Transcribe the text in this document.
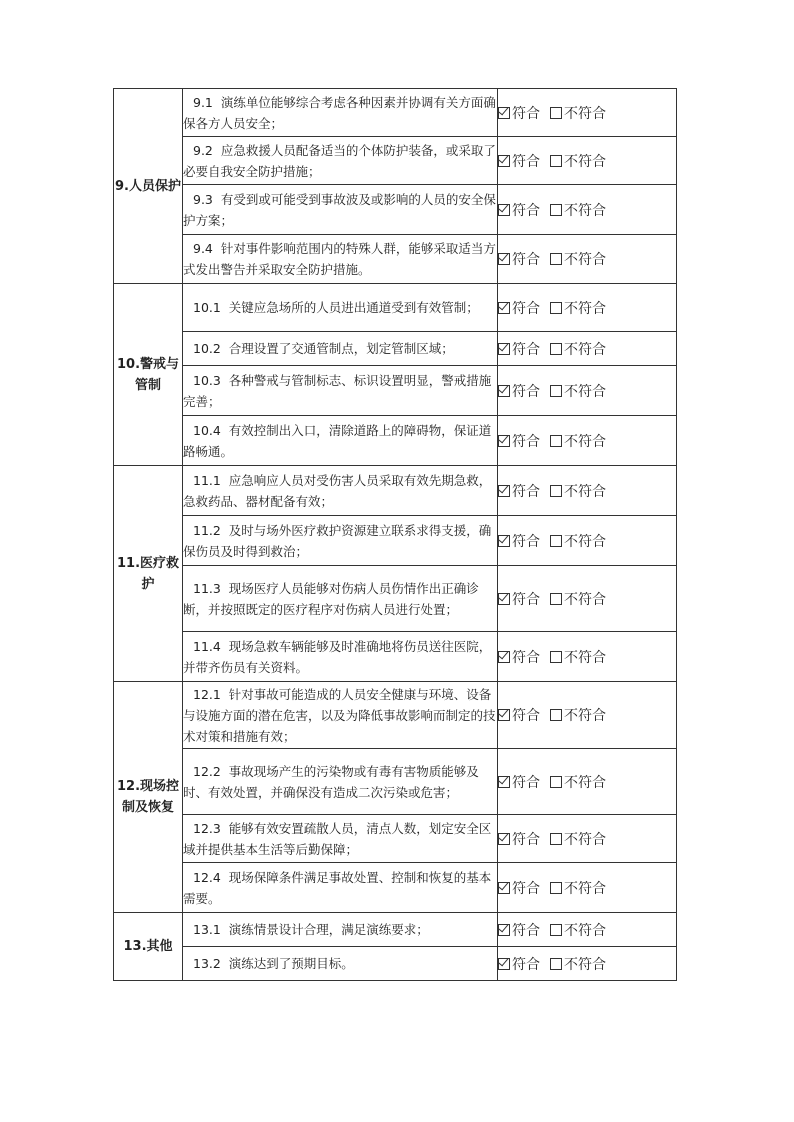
9.人员保护	9.1 演练单位能够综合考虑各种因素并协调有关方面确保各方人员安全；	符合 不符合
	9.2 应急救援人员配备适当的个体防护装备，或采取了必要自我安全防护措施；	符合 不符合
	9.3 有受到或可能受到事故波及或影响的人员的安全保护方案；	符合 不符合
	9.4 针对事件影响范围内的特殊人群，能够采取适当方式发出警告并采取安全防护措施。	符合 不符合
10.警戒与管制	10.1 关键应急场所的人员进出通道受到有效管制；	符合 不符合
	10.2 合理设置了交通管制点，划定管制区域；	符合 不符合
	10.3 各种警戒与管制标志、标识设置明显，警戒措施完善；	符合 不符合
	10.4 有效控制出入口，清除道路上的障碍物，保证道路畅通。	符合 不符合
11.医疗救护	11.1 应急响应人员对受伤害人员采取有效先期急救，急救药品、器材配备有效；	符合 不符合
	11.2 及时与场外医疗救护资源建立联系求得支援，确保伤员及时得到救治；	符合 不符合
	11.3 现场医疗人员能够对伤病人员伤情作出正确诊断，并按照既定的医疗程序对伤病人员进行处置；	符合 不符合
	11.4 现场急救车辆能够及时准确地将伤员送往医院，并带齐伤员有关资料。	符合 不符合
12.现场控制及恢复	12.1 针对事故可能造成的人员安全健康与环境、设备与设施方面的潜在危害，以及为降低事故影响而制定的技术对策和措施有效；	符合 不符合
	12.2 事故现场产生的污染物或有毒有害物质能够及时、有效处置，并确保没有造成二次污染或危害；	符合 不符合
	12.3 能够有效安置疏散人员，清点人数，划定安全区域并提供基本生活等后勤保障；	符合 不符合
	12.4 现场保障条件满足事故处置、控制和恢复的基本需要。	符合 不符合
13.其他	13.1 演练情景设计合理，满足演练要求；	符合 不符合
	13.2 演练达到了预期目标。	符合 不符合
